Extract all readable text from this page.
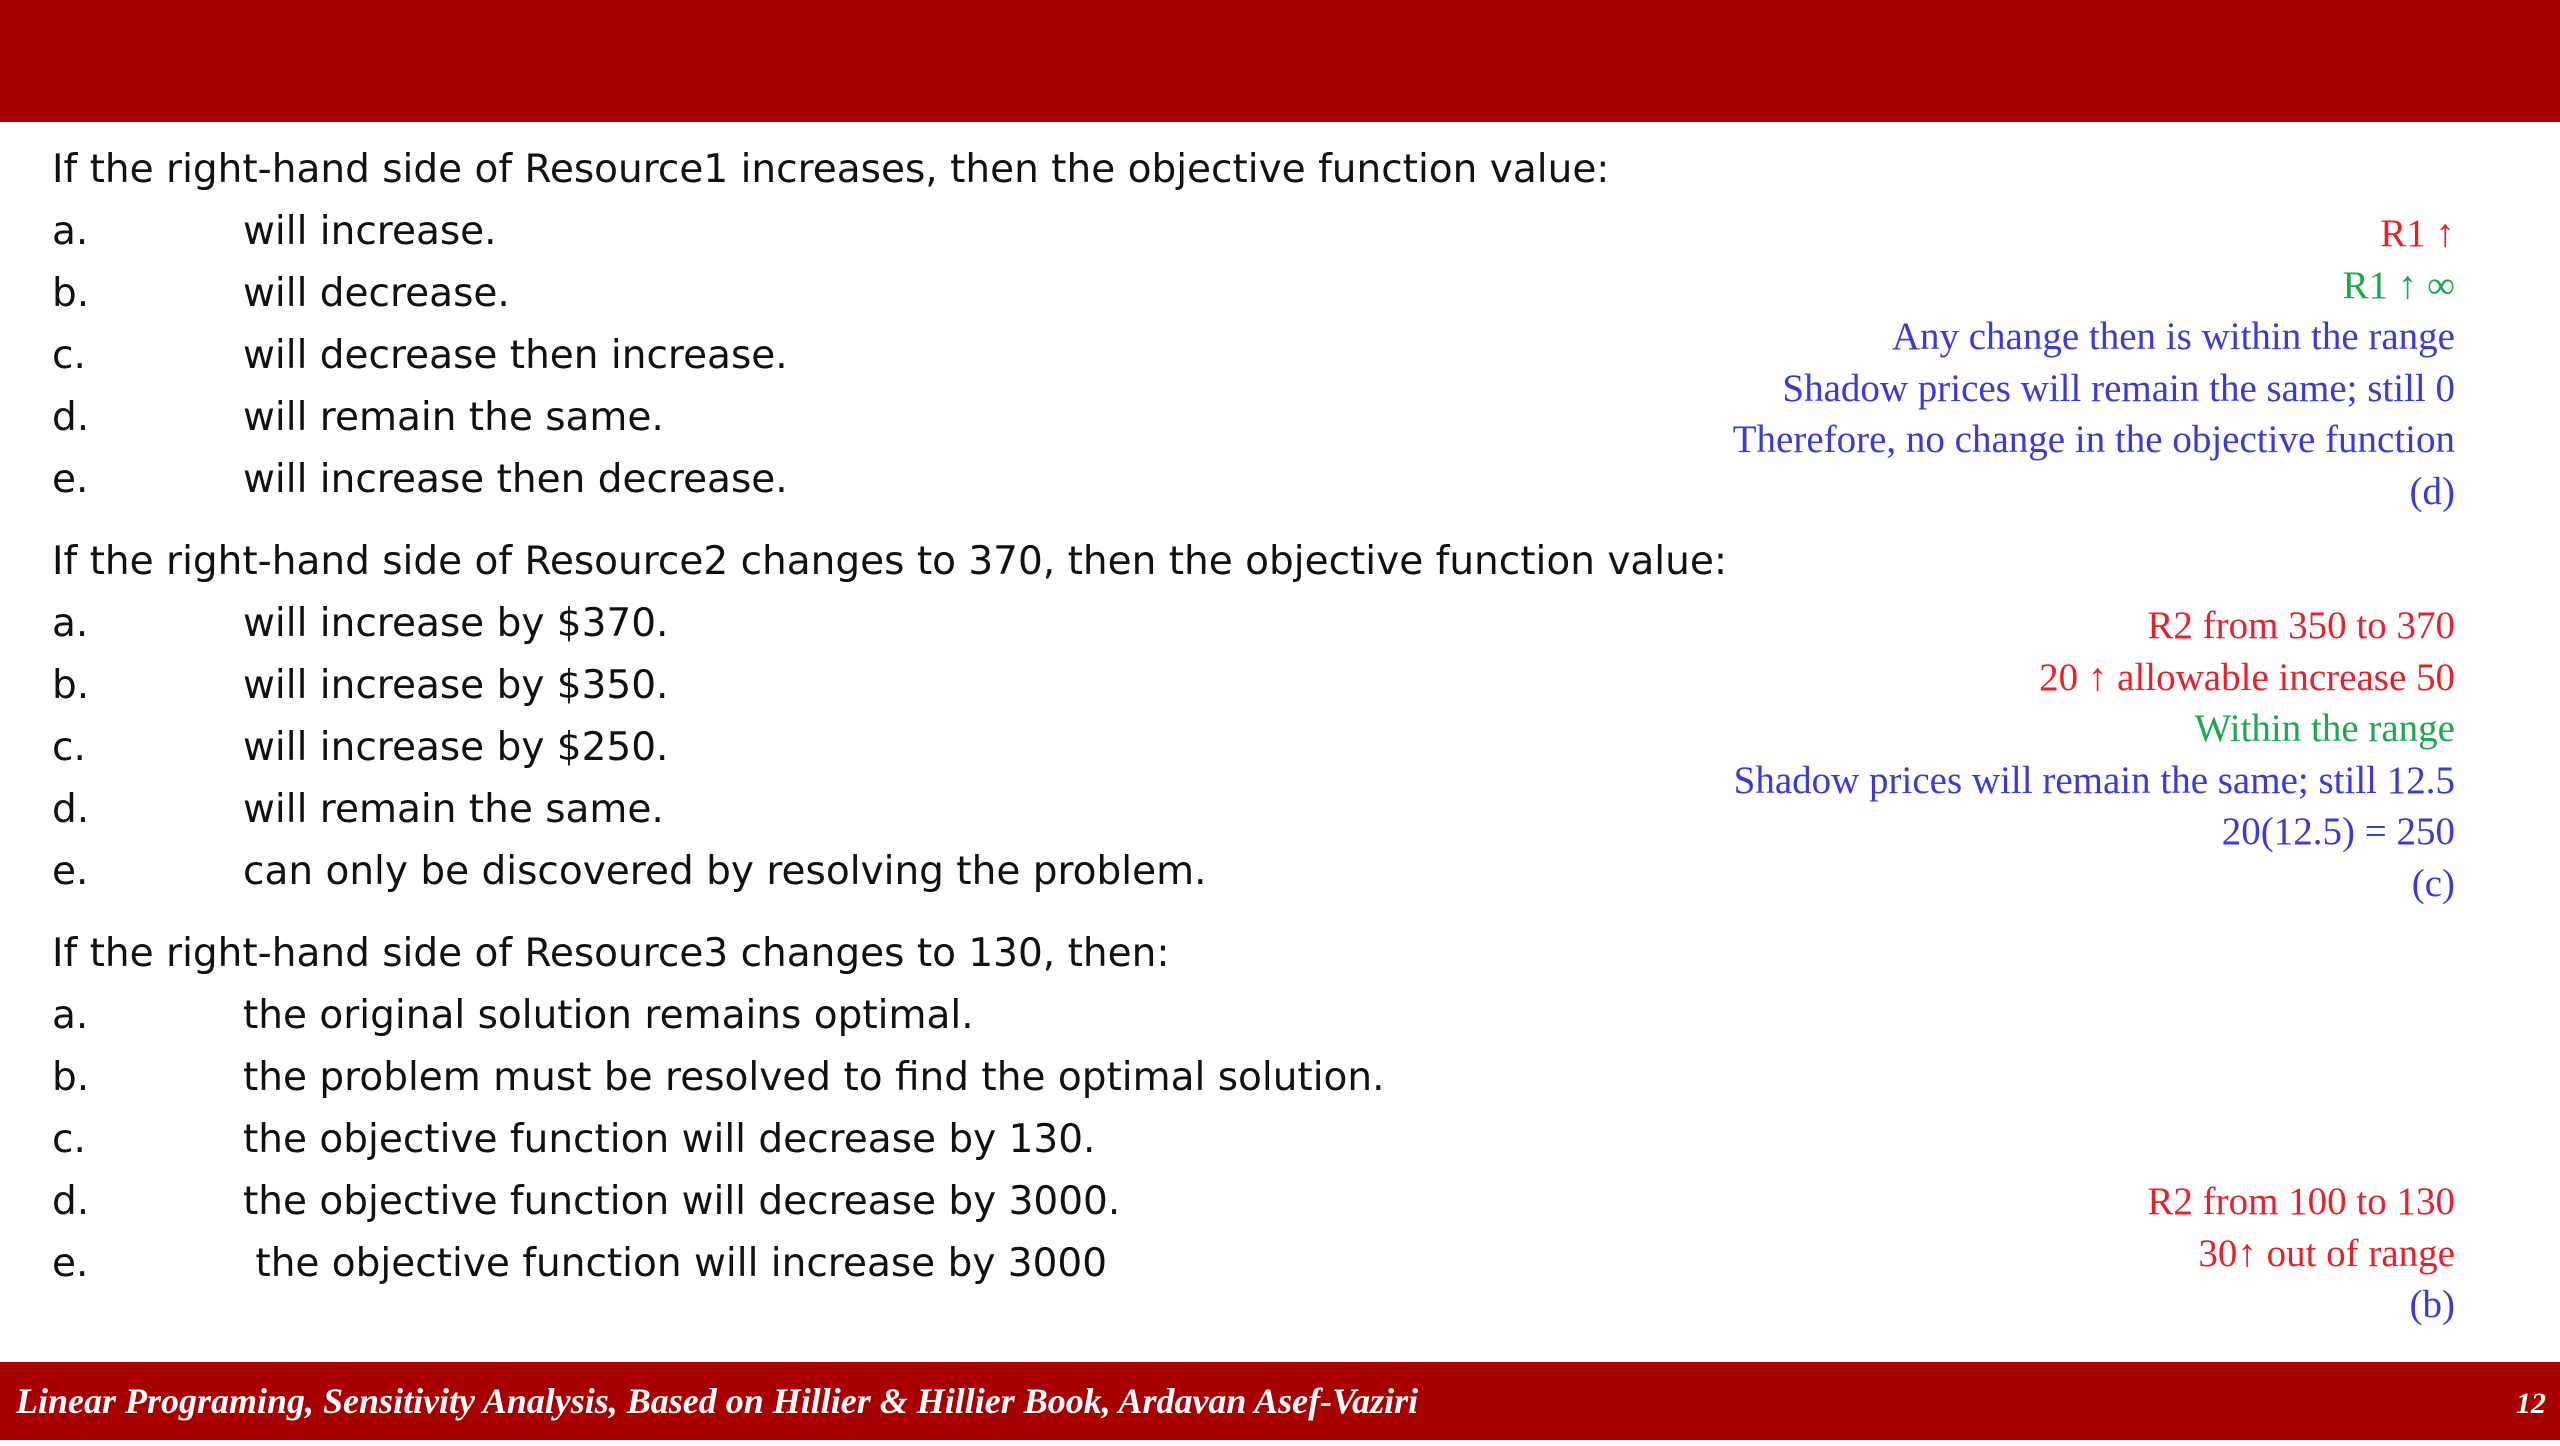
If the right-hand side of Resource1 increases, then the objective function value:
a.	will increase.
b.	will decrease.
c.	will decrease then increase.
d.	will remain the same.
e.	will increase then decrease.
R1 ↑
R1 ↑ ∞
Any change then is within the range
Shadow prices will remain the same; still 0
Therefore, no change in the objective function
(d)
If the right-hand side of Resource2 changes to 370, then the objective function value:
a.	will increase by $370.
b.	will increase by $350.
c.	will increase by $250.
d.	will remain the same.
e.	can only be discovered by resolving the problem.
R2 from 350 to 370
20 ↑ allowable increase 50
Within the range
Shadow prices will remain the same; still 12.5
20(12.5) = 250
(c)
If the right-hand side of Resource3 changes to 130, then:
a.	the original solution remains optimal.
b.	the problem must be resolved to find the optimal solution.
c.	the objective function will decrease by 130.
d.	the objective function will decrease by 3000.
e.	the objective function will increase by 3000
R2 from 100 to 130
30↑ out of range
(b)
Linear Programing, Sensitivity Analysis, Based on Hillier & Hillier Book, Ardavan Asef-Vaziri	12
